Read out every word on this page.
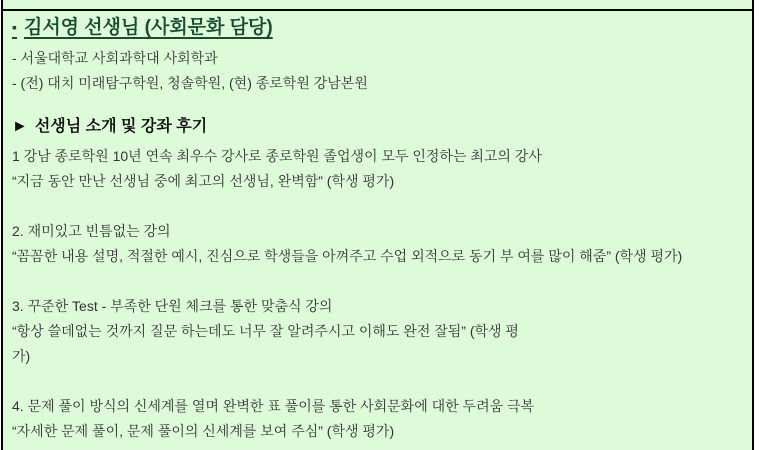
▪ 김서영 선생님 (사회문화 담당)
- 서울대학교 사회과학대 사회학과
- (전) 대치 미래탐구학원, 청솔학원, (현) 종로학원 강남본원
► 선생님 소개 및 강좌 후기
1 강남 종로학원 10년 연속 최우수 강사로 종로학원 졸업생이 모두 인정하는 최고의 강사
“지금 동안 만난 선생님 중에 최고의 선생님, 완벽함” (학생 평가)
2. 재미있고 빈틈없는 강의
“꼼꼼한 내용 설명, 적절한 예시, 진심으로 학생들을 아껴주고 수업 외적으로 동기 부 여를 많이 해줌” (학생 평가)
3. 꾸준한 Test - 부족한 단원 체크를 통한 맞춤식 강의
“항상 쓸데없는 것까지 질문 하는데도 너무 잘 알려주시고 이해도 완전 잘됨” (학생 평
가)
4. 문제 풀이 방식의 신세계를 열며 완벽한 표 풀이를 통한 사회문화에 대한 두려움 극복
“자세한 문제 풀이, 문제 풀이의 신세계를 보여 주심” (학생 평가)
